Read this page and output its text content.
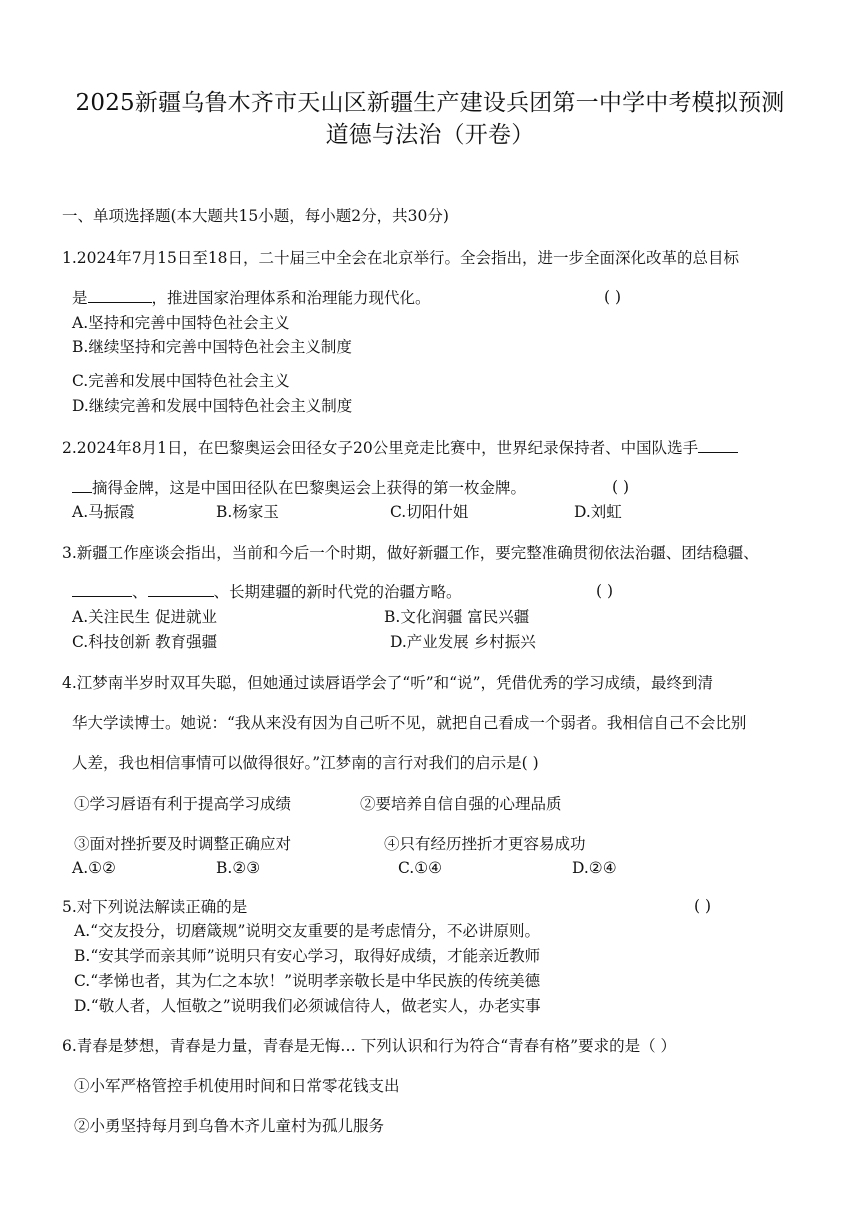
2025新疆乌鲁木齐市天山区新疆生产建设兵团第一中学中考模拟预测
道德与法治（开卷）
一、单项选择题(本大题共15小题，每小题2分，共30分)
1.2024年7月15日至18日，二十届三中全会在北京举行。全会指出，进一步全面深化改革的总目标
是	，推进国家治理体系和治理能力现代化。	( )
A.坚持和完善中国特色社会主义
B.继续坚持和完善中国特色社会主义制度
C.完善和发展中国特色社会主义
D.继续完善和发展中国特色社会主义制度
2.2024年8月1日，在巴黎奥运会田径女子20公里竞走比赛中，世界纪录保持者、中国队选手
摘得金牌，这是中国田径队在巴黎奥运会上获得的第一枚金牌。	( )
A.马振霞	B.杨家玉	C.切阳什姐	D.刘虹
3.新疆工作座谈会指出，当前和今后一个时期，做好新疆工作，要完整准确贯彻依法治疆、团结稳疆、
、	、长期建疆的新时代党的治疆方略。	( )
A.关注民生 促进就业	B.文化润疆 富民兴疆
C.科技创新 教育强疆	D.产业发展 乡村振兴
4.江梦南半岁时双耳失聪，但她通过读唇语学会了“听”和“说”，凭借优秀的学习成绩，最终到清
华大学读博士。她说：“我从来没有因为自己听不见，就把自己看成一个弱者。我相信自己不会比别
人差，我也相信事情可以做得很好。”江梦南的言行对我们的启示是( )
①学习唇语有利于提高学习成绩	②要培养自信自强的心理品质
③面对挫折要及时调整正确应对	④只有经历挫折才更容易成功
A.①②	B.②③	C.①④	D.②④
5.对下列说法解读正确的是	( )
A.“交友投分，切磨箴规”说明交友重要的是考虑情分，不必讲原则。
B.“安其学而亲其师”说明只有安心学习，取得好成绩，才能亲近教师
C.“孝悌也者，其为仁之本欤！”说明孝亲敬长是中华民族的传统美德
D.“敬人者，人恒敬之”说明我们必须诚信待人，做老实人，办老实事
6.青春是梦想，青春是力量，青春是无悔… 下列认识和行为符合“青春有格”要求的是（ ）
①小军严格管控手机使用时间和日常零花钱支出
②小勇坚持每月到乌鲁木齐儿童村为孤儿服务
